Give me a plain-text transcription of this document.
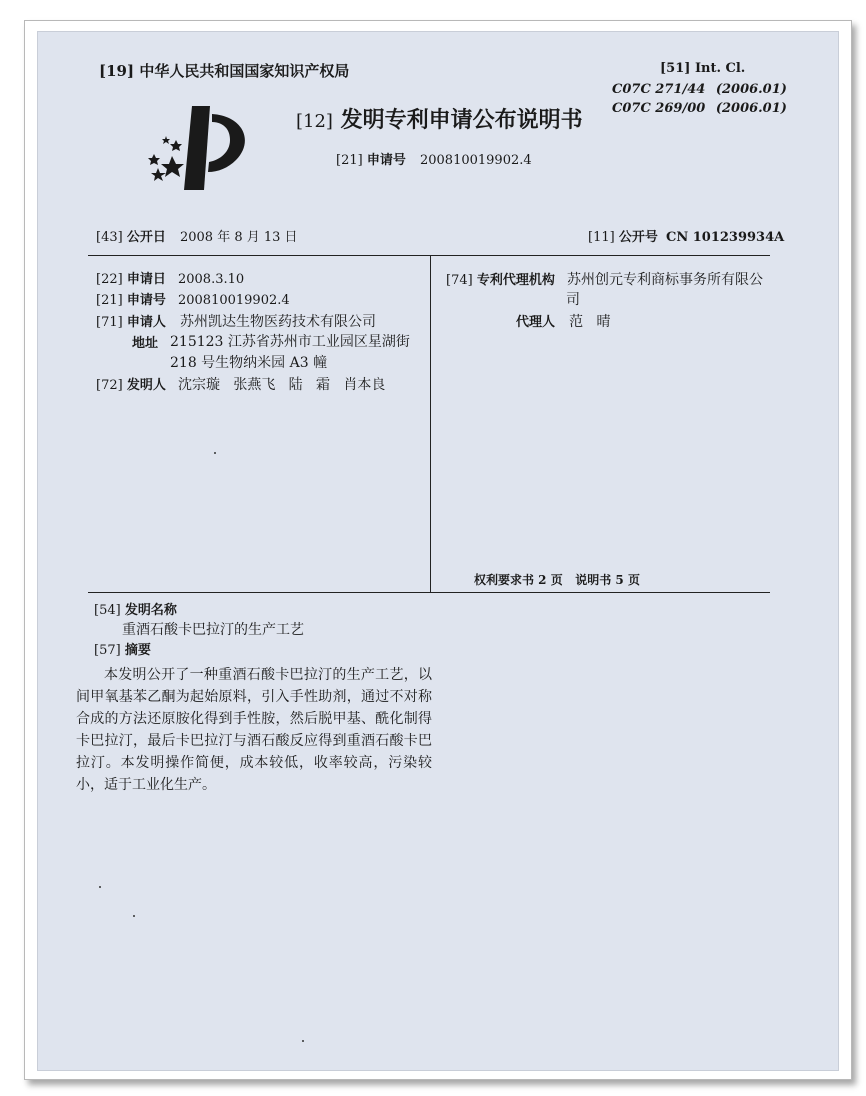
[19] 中华人民共和国国家知识产权局
[12] 发明专利申请公布说明书
[21] 申请号 200810019902.4
[51] Int. Cl.
C07C 271/44 (2006.01)
C07C 269/00 (2006.01)
[43] 公开日 2008 年 8 月 13 日	[11] 公开号 CN 101239934A
[22] 申请日 2008.3.10
[21] 申请号 200810019902.4
[71] 申请人 苏州凯达生物医药技术有限公司
地址 215123 江苏省苏州市工业园区星湖街
218 号生物纳米园 A3 幢
[72] 发明人 沈宗璇   张燕飞   陆   霜   肖本良
[74] 专利代理机构 苏州创元专利商标事务所有限公
司
代理人 范   晴
权利要求书 2 页   说明书 5 页
[54] 发明名称
重酒石酸卡巴拉汀的生产工艺
[57] 摘要
本发明公开了一种重酒石酸卡巴拉汀的生产工艺，以间甲氧基苯乙酮为起始原料，引入手性助剂，通过不对称合成的方法还原胺化得到手性胺，然后脱甲基、酰化制得卡巴拉汀，最后卡巴拉汀与酒石酸反应得到重酒石酸卡巴拉汀。本发明操作简便，成本较低，收率较高，污染较小，适于工业化生产。
